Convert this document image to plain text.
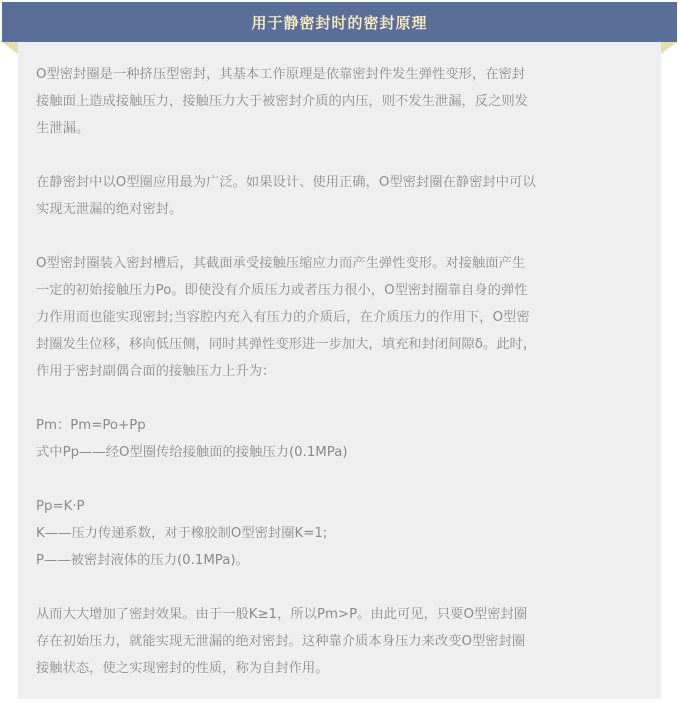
用于静密封时的密封原理

O型密封圈是一种挤压型密封，其基本工作原理是依靠密封件发生弹性变形，在密封
接触面上造成接触压力，接触压力大于被密封介质的内压，则不发生泄漏，反之则发
生泄漏。

在静密封中以O型圈应用最为广泛。如果设计、使用正确，O型密封圈在静密封中可以
实现无泄漏的绝对密封。

O型密封圈装入密封槽后，其截面承受接触压缩应力而产生弹性变形。对接触面产生
一定的初始接触压力Po。即使没有介质压力或者压力很小，O型密封圈靠自身的弹性
力作用而也能实现密封;当容腔内充入有压力的介质后，在介质压力的作用下，O型密
封圈发生位移，移向低压侧，同时其弹性变形进一步加大，填充和封闭间隙δ。此时，
作用于密封副偶合面的接触压力上升为：

Pm：Pm=Po+Pp
式中Pp——经O型圈传给接触面的接触压力(0.1MPa)

Pp=K·P
K——压力传递系数，对于橡胶制O型密封圈K=1;
P——被密封液体的压力(0.1MPa)。

从而大大增加了密封效果。由于一般K≥1，所以Pm>P。由此可见，只要O型密封圈
存在初始压力，就能实现无泄漏的绝对密封。这种靠介质本身压力来改变O型密封圈
接触状态，使之实现密封的性质，称为自封作用。
